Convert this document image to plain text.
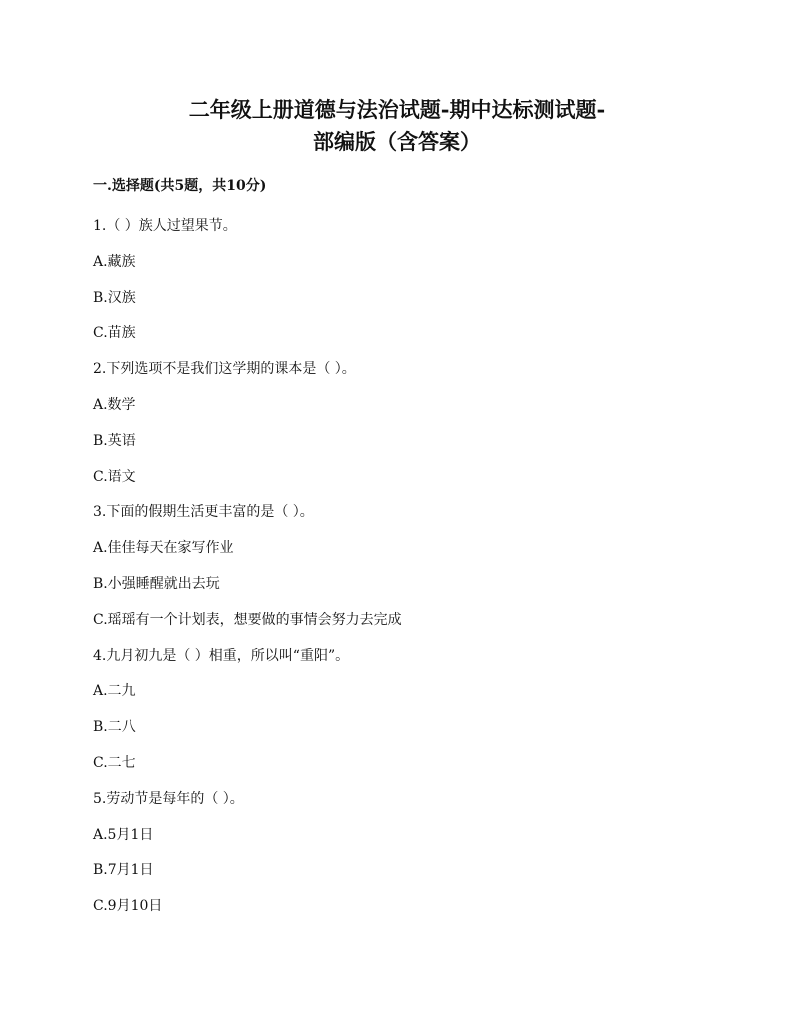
二年级上册道德与法治试题-期中达标测试题-
部编版（含答案）
一.选择题(共5题，共10分)
1.（ ）族人过望果节。
A.藏族
B.汉族
C.苗族
2.下列选项不是我们这学期的课本是（ ）。
A.数学
B.英语
C.语文
3.下面的假期生活更丰富的是（ ）。
A.佳佳每天在家写作业
B.小强睡醒就出去玩
C.瑶瑶有一个计划表，想要做的事情会努力去完成
4.九月初九是（ ）相重，所以叫“重阳”。
A.二九
B.二八
C.二七
5.劳动节是每年的（ ）。
A.5月1日
B.7月1日
C.9月10日
